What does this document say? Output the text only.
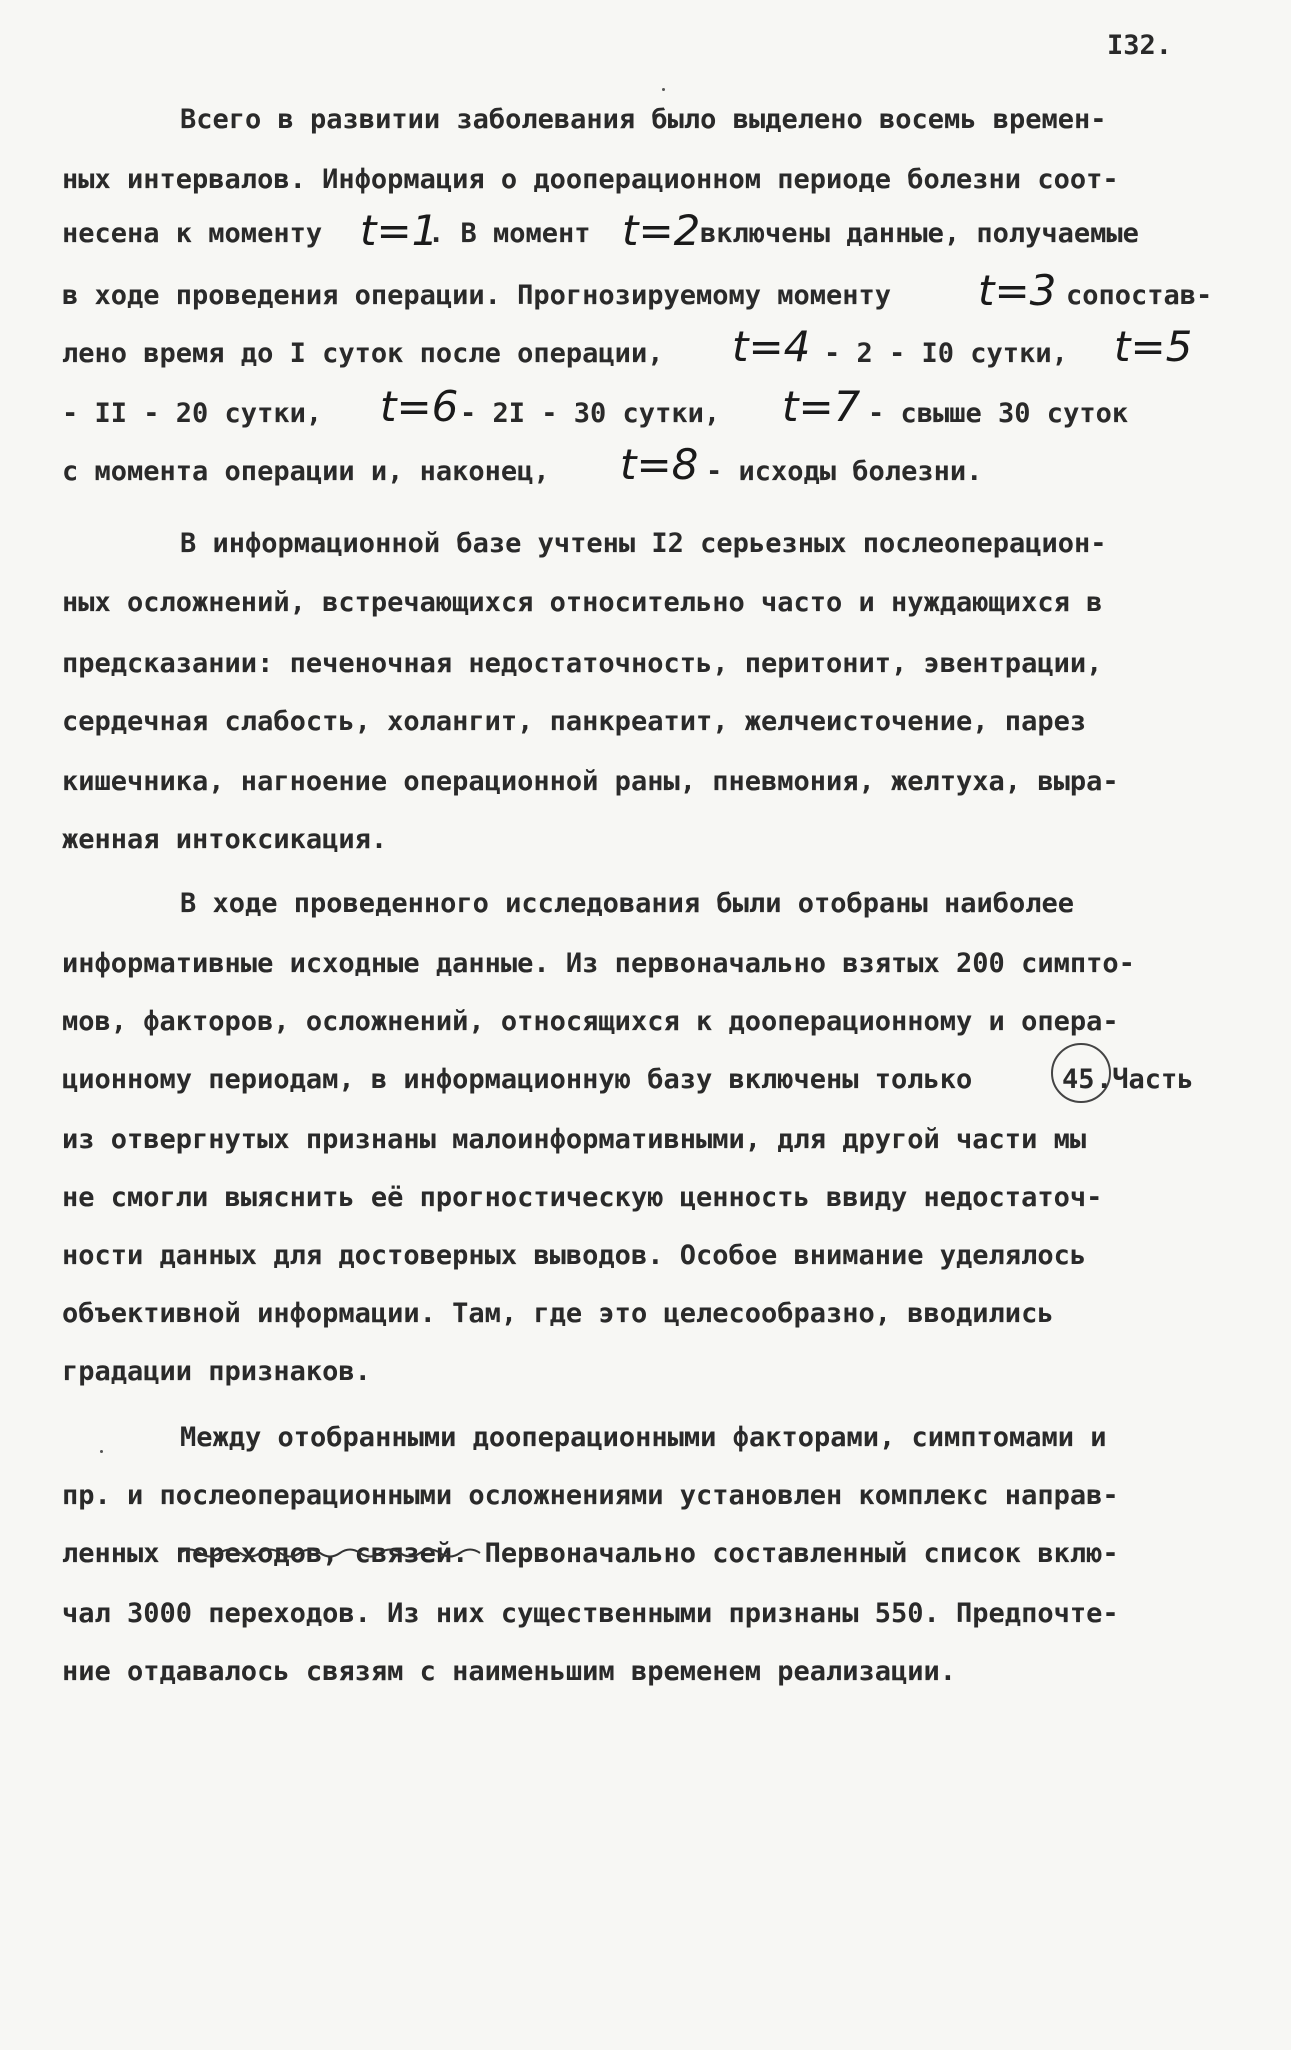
I32.
Всего в развитии заболевания было выделено восемь времен-
ных интервалов. Информация о дооперационном периоде болезни соот-
несена к моменту t=1
. В момент t=2 включены данные, получаемые
в ходе проведения операции. Прогнозируемому моменту t=3 сопостав-
лено время до I суток после операции, t=4 - 2 - I0 сутки, t=5
- II - 20 сутки, t=6 - 2I - 30 сутки, t=7 - свыше 30 суток
с момента операции и, наконец, t=8 - исходы болезни.
В информационной базе учтены I2 серьезных послеоперацион-
ных осложнений, встречающихся относительно часто и нуждающихся в
предсказании: печеночная недостаточность, перитонит, эвентрации,
сердечная слабость, холангит, панкреатит, желчеисточение, парез
кишечника, нагноение операционной раны, пневмония, желтуха, выра-
женная интоксикация.
В ходе проведенного исследования были отобраны наиболее
информативные исходные данные. Из первоначально взятых 200 симпто-
мов, факторов, осложнений, относящихся к дооперационному и опера-
ционному периодам, в информационную базу включены только	45 .Часть
из отвергнутых признаны малоинформативными, для другой части мы
не смогли выяснить её прогностическую ценность ввиду недостаточ-
ности данных для достоверных выводов. Особое внимание уделялось
объективной информации. Там, где это целесообразно, вводились
градации признаков.
Между отобранными дооперационными факторами, симптомами и
пр. и послеоперационными осложнениями установлен комплекс направ-
ленных переходов, связей. Первоначально составленный список вклю-
чал 3000 переходов. Из них существенными признаны 550. Предпочте-
ние отдавалось связям с наименьшим временем реализации.
